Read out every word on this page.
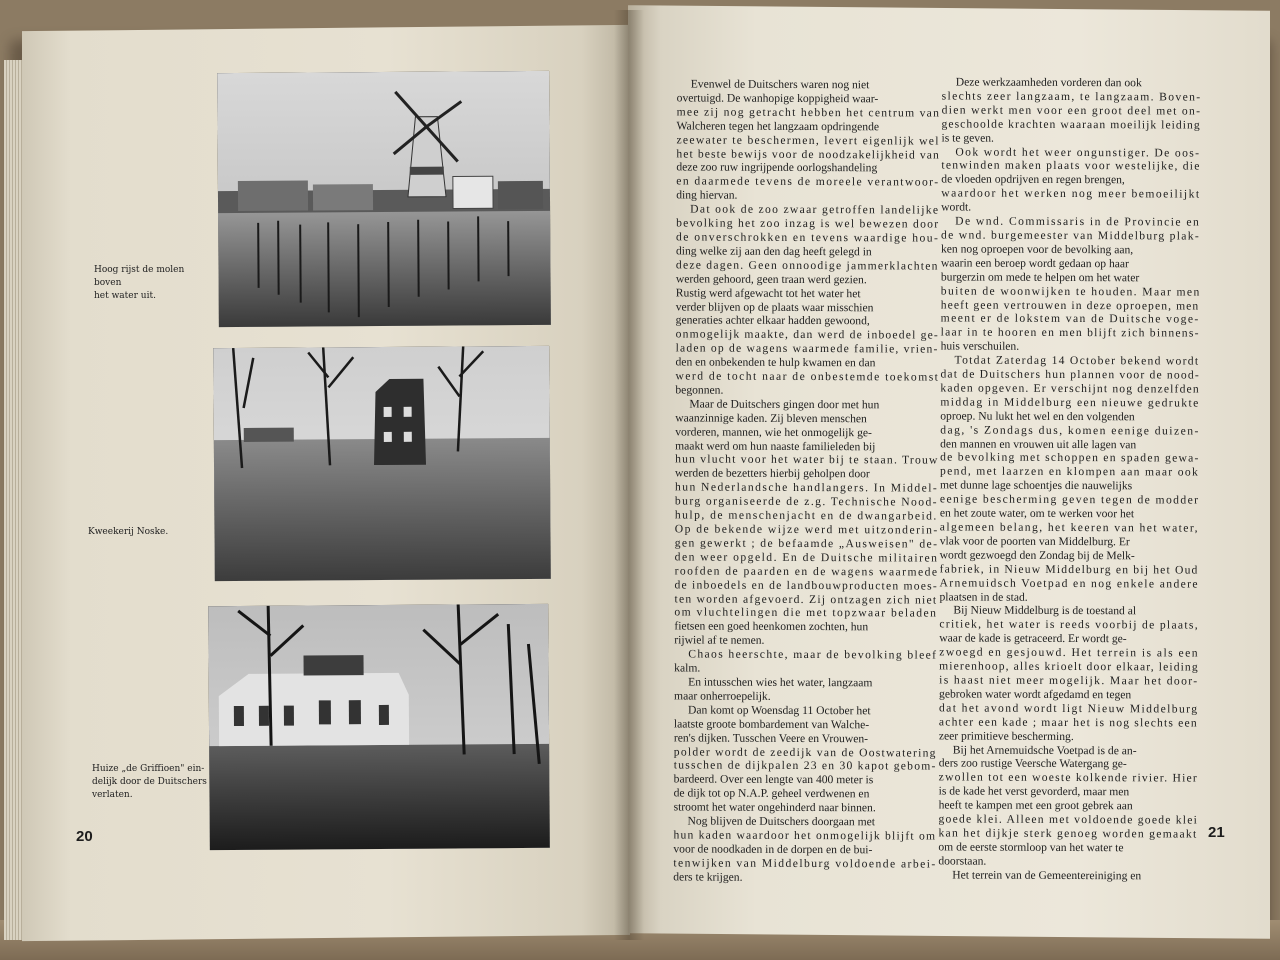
Hoog rijst de molen boven
het water uit.
Kweekerij Noske.
Huize „de Griffioen" ein-
delijk door de Duitschers
verlaten.
20	21

Evenwel de Duitschers waren nog niet
overtuigd. De wanhopige koppigheid waar-
mee zij nog getracht hebben het centrum van
Walcheren tegen het langzaam opdringende
zeewater te beschermen, levert eigenlijk wel
het beste bewijs voor de noodzakelijkheid van
deze zoo ruw ingrijpende oorlogshandeling
en daarmede tevens de moreele verantwoor-
ding hiervan.

Dat ook de zoo zwaar getroffen landelijke
bevolking het zoo inzag is wel bewezen door
de onverschrokken en tevens waardige hou-
ding welke zij aan den dag heeft gelegd in
deze dagen. Geen onnoodige jammerklachten
werden gehoord, geen traan werd gezien.
Rustig werd afgewacht tot het water het
verder blijven op de plaats waar misschien
generaties achter elkaar hadden gewoond,
onmogelijk maakte, dan werd de inboedel ge-
laden op de wagens waarmede familie, vrien-
den en onbekenden te hulp kwamen en dan
werd de tocht naar de onbestemde toekomst
begonnen.

Maar de Duitschers gingen door met hun
waanzinnige kaden. Zij bleven menschen
vorderen, mannen, wie het onmogelijk ge-
maakt werd om hun naaste familieleden bij
hun vlucht voor het water bij te staan. Trouw
werden de bezetters hierbij geholpen door
hun Nederlandsche handlangers. In Middel-
burg organiseerde de z.g. Technische Nood-
hulp, de menschenjacht en de dwangarbeid.
Op de bekende wijze werd met uitzonderin-
gen gewerkt ; de befaamde „Ausweisen" de-
den weer opgeld. En de Duitsche militairen
roofden de paarden en de wagens waarmede
de inboedels en de landbouwproducten moes-
ten worden afgevoerd. Zij ontzagen zich niet
om vluchtelingen die met topzwaar beladen
fietsen een goed heenkomen zochten, hun
rijwiel af te nemen.

Chaos heerschte, maar de bevolking bleef
kalm.

En intusschen wies het water, langzaam
maar onherroepelijk.

Dan komt op Woensdag 11 October het
laatste groote bombardement van Walche-
ren's dijken. Tusschen Veere en Vrouwen-
polder wordt de zeedijk van de Oostwatering
tusschen de dijkpalen 23 en 30 kapot gebom-
bardeerd. Over een lengte van 400 meter is
de dijk tot op N.A.P. geheel verdwenen en
stroomt het water ongehinderd naar binnen.

Nog blijven de Duitschers doorgaan met
hun kaden waardoor het onmogelijk blijft om
voor de noodkaden in de dorpen en de bui-
tenwijken van Middelburg voldoende arbei-
ders te krijgen.

Deze werkzaamheden vorderen dan ook
slechts zeer langzaam, te langzaam. Boven-
dien werkt men voor een groot deel met on-
geschoolde krachten waaraan moeilijk leiding
is te geven.

Ook wordt het weer ongunstiger. De oos-
tenwinden maken plaats voor westelijke, die
de vloeden opdrijven en regen brengen,
waardoor het werken nog meer bemoeilijkt
wordt.

De wnd. Commissaris in de Provincie en
de wnd. burgemeester van Middelburg plak-
ken nog oproepen voor de bevolking aan,
waarin een beroep wordt gedaan op haar
burgerzin om mede te helpen om het water
buiten de woonwijken te houden. Maar men
heeft geen vertrouwen in deze oproepen, men
meent er de lokstem van de Duitsche voge-
laar in te hooren en men blijft zich binnens-
huis verschuilen.

Totdat Zaterdag 14 October bekend wordt
dat de Duitschers hun plannen voor de nood-
kaden opgeven. Er verschijnt nog denzelfden
middag in Middelburg een nieuwe gedrukte
oproep. Nu lukt het wel en den volgenden
dag, 's Zondags dus, komen eenige duizen-
den mannen en vrouwen uit alle lagen van
de bevolking met schoppen en spaden gewa-
pend, met laarzen en klompen aan maar ook
met dunne lage schoentjes die nauwelijks
eenige bescherming geven tegen de modder
en het zoute water, om te werken voor het
algemeen belang, het keeren van het water,
vlak voor de poorten van Middelburg. Er
wordt gezwoegd den Zondag bij de Melk-
fabriek, in Nieuw Middelburg en bij het Oud
Arnemuidsch Voetpad en nog enkele andere
plaatsen in de stad.

Bij Nieuw Middelburg is de toestand al
critiek, het water is reeds voorbij de plaats,
waar de kade is getraceerd. Er wordt ge-
zwoegd en gesjouwd. Het terrein is als een
mierenhoop, alles krioelt door elkaar, leiding
is haast niet meer mogelijk. Maar het door-
gebroken water wordt afgedamd en tegen
dat het avond wordt ligt Nieuw Middelburg
achter een kade ; maar het is nog slechts een
zeer primitieve bescherming.

Bij het Arnemuidsche Voetpad is de an-
ders zoo rustige Veersche Watergang ge-
zwollen tot een woeste kolkende rivier. Hier
is de kade het verst gevorderd, maar men
heeft te kampen met een groot gebrek aan
goede klei. Alleen met voldoende goede klei
kan het dijkje sterk genoeg worden gemaakt
om de eerste stormloop van het water te
doorstaan.

Het terrein van de Gemeentereiniging en
